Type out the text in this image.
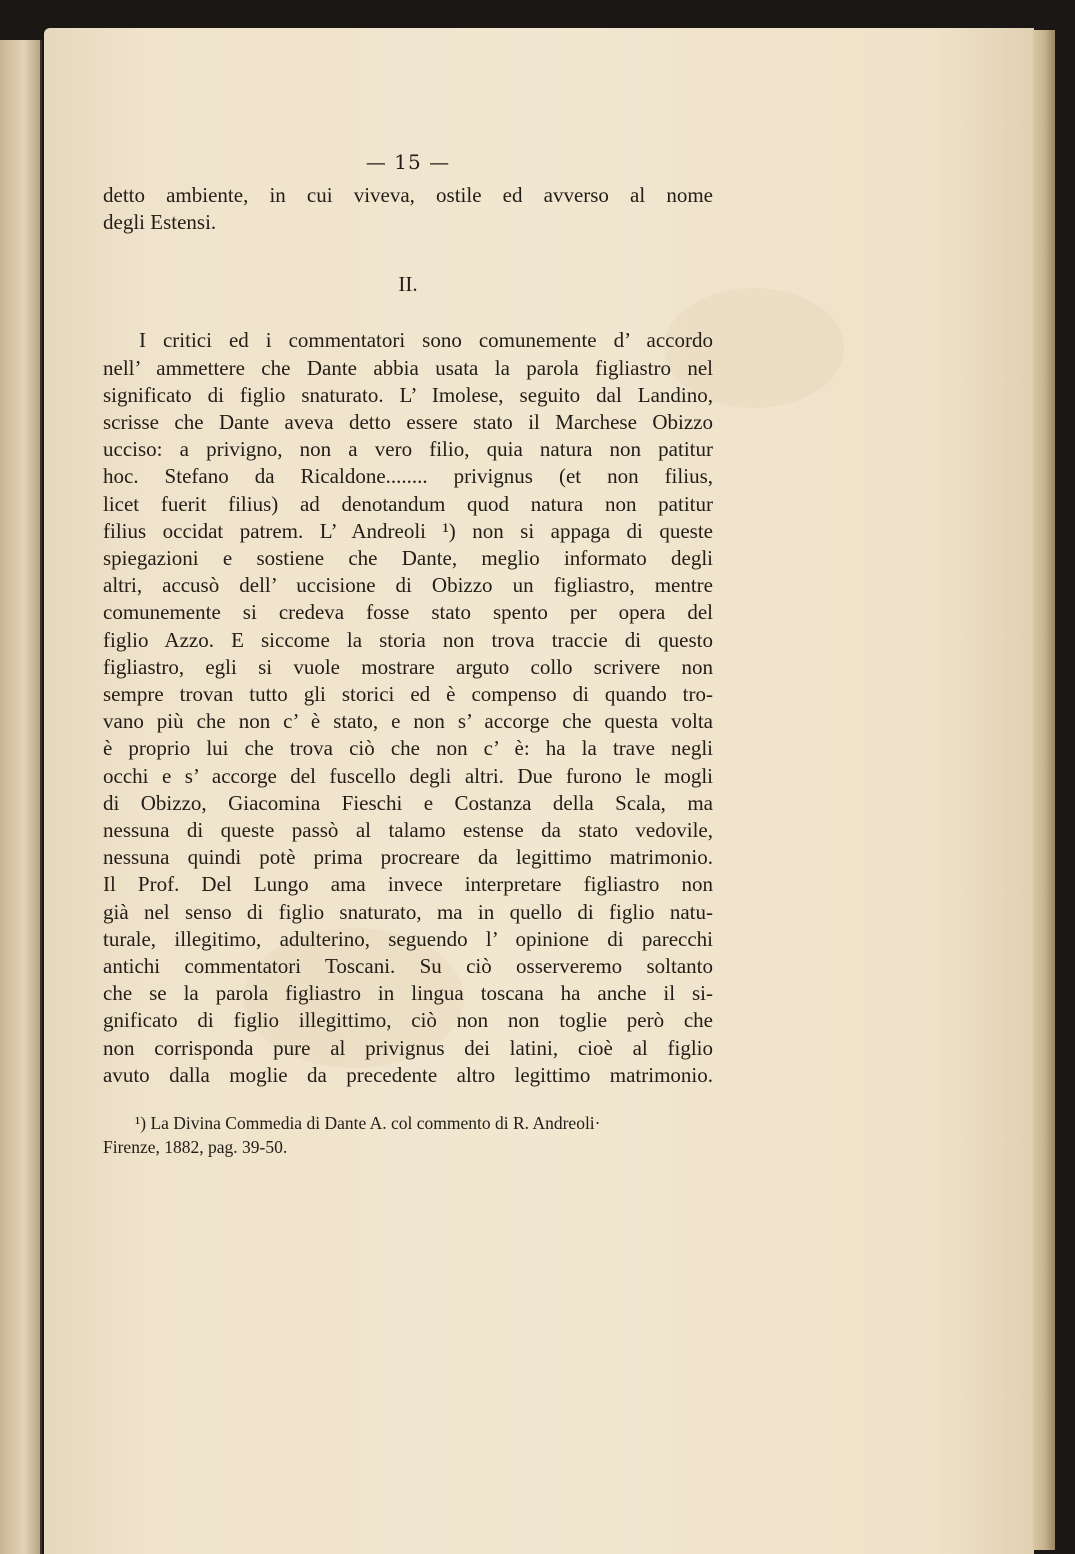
— 15 —
detto ambiente, in cui viveva, ostile ed avverso al nome
degli Estensi.
II.
I critici ed i commentatori sono comunemente d’ accordo
nell’ ammettere che Dante abbia usata la parola figliastro nel
significato di figlio snaturato. L’ Imolese, seguito dal Landino,
scrisse che Dante aveva detto essere stato il Marchese Obizzo
ucciso: a privigno, non a vero filio, quia natura non patitur
hoc. Stefano da Ricaldone........ privignus (et non filius,
licet fuerit filius) ad denotandum quod natura non patitur
filius occidat patrem. L’ Andreoli ¹) non si appaga di queste
spiegazioni e sostiene che Dante, meglio informato degli
altri, accusò dell’ uccisione di Obizzo un figliastro, mentre
comunemente si credeva fosse stato spento per opera del
figlio Azzo. E siccome la storia non trova traccie di questo
figliastro, egli si vuole mostrare arguto collo scrivere non
sempre trovan tutto gli storici ed è compenso di quando tro-
vano più che non c’ è stato, e non s’ accorge che questa volta
è proprio lui che trova ciò che non c’ è: ha la trave negli
occhi e s’ accorge del fuscello degli altri. Due furono le mogli
di Obizzo, Giacomina Fieschi e Costanza della Scala, ma
nessuna di queste passò al talamo estense da stato vedovile,
nessuna quindi potè prima procreare da legittimo matrimonio.
Il Prof. Del Lungo ama invece interpretare figliastro non
già nel senso di figlio snaturato, ma in quello di figlio natu-
turale, illegitimo, adulterino, seguendo l’ opinione di parecchi
antichi commentatori Toscani. Su ciò osserveremo soltanto
che se la parola figliastro in lingua toscana ha anche il si-
gnificato di figlio illegittimo, ciò non non toglie però che
non corrisponda pure al privignus dei latini, cioè al figlio
avuto dalla moglie da precedente altro legittimo matrimonio.
¹) La Divina Commedia di Dante A. col commento di R. Andreoli·
Firenze, 1882, pag. 39-50.
